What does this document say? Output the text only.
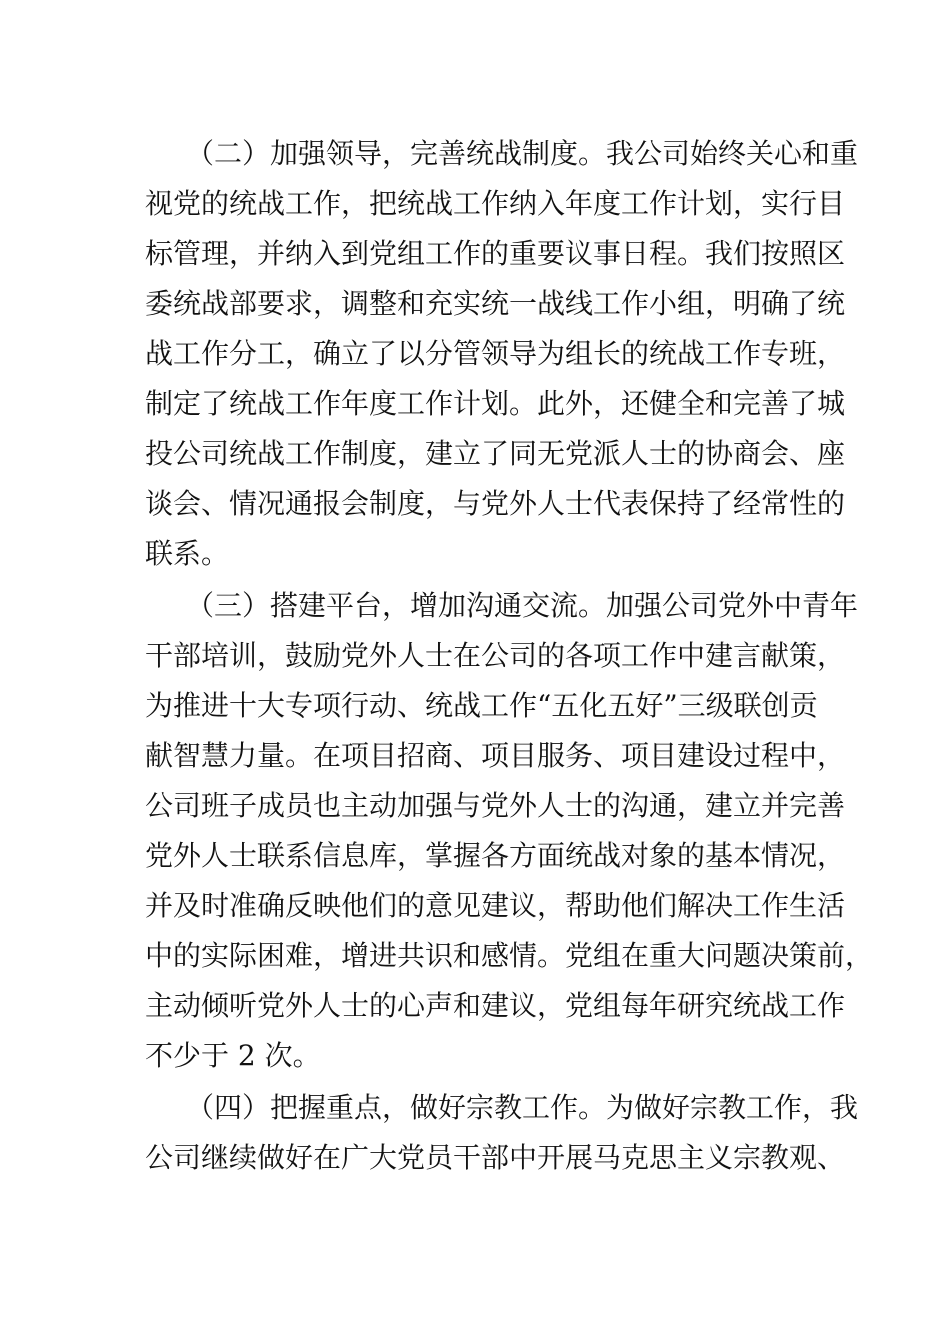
（二）加强领导，完善统战制度。我公司始终关心和重
视党的统战工作，把统战工作纳入年度工作计划，实行目
标管理，并纳入到党组工作的重要议事日程。我们按照区
委统战部要求，调整和充实统一战线工作小组，明确了统
战工作分工，确立了以分管领导为组长的统战工作专班，
制定了统战工作年度工作计划。此外，还健全和完善了城
投公司统战工作制度，建立了同无党派人士的协商会、座
谈会、情况通报会制度，与党外人士代表保持了经常性的
联系。
（三）搭建平台，增加沟通交流。加强公司党外中青年
干部培训，鼓励党外人士在公司的各项工作中建言献策，
为推进十大专项行动、统战工作“五化五好”三级联创贡
献智慧力量。在项目招商、项目服务、项目建设过程中，
公司班子成员也主动加强与党外人士的沟通，建立并完善
党外人士联系信息库，掌握各方面统战对象的基本情况，
并及时准确反映他们的意见建议，帮助他们解决工作生活
中的实际困难，增进共识和感情。党组在重大问题决策前，
主动倾听党外人士的心声和建议，党组每年研究统战工作
不少于 2 次。
（四）把握重点，做好宗教工作。为做好宗教工作，我
公司继续做好在广大党员干部中开展马克思主义宗教观、
